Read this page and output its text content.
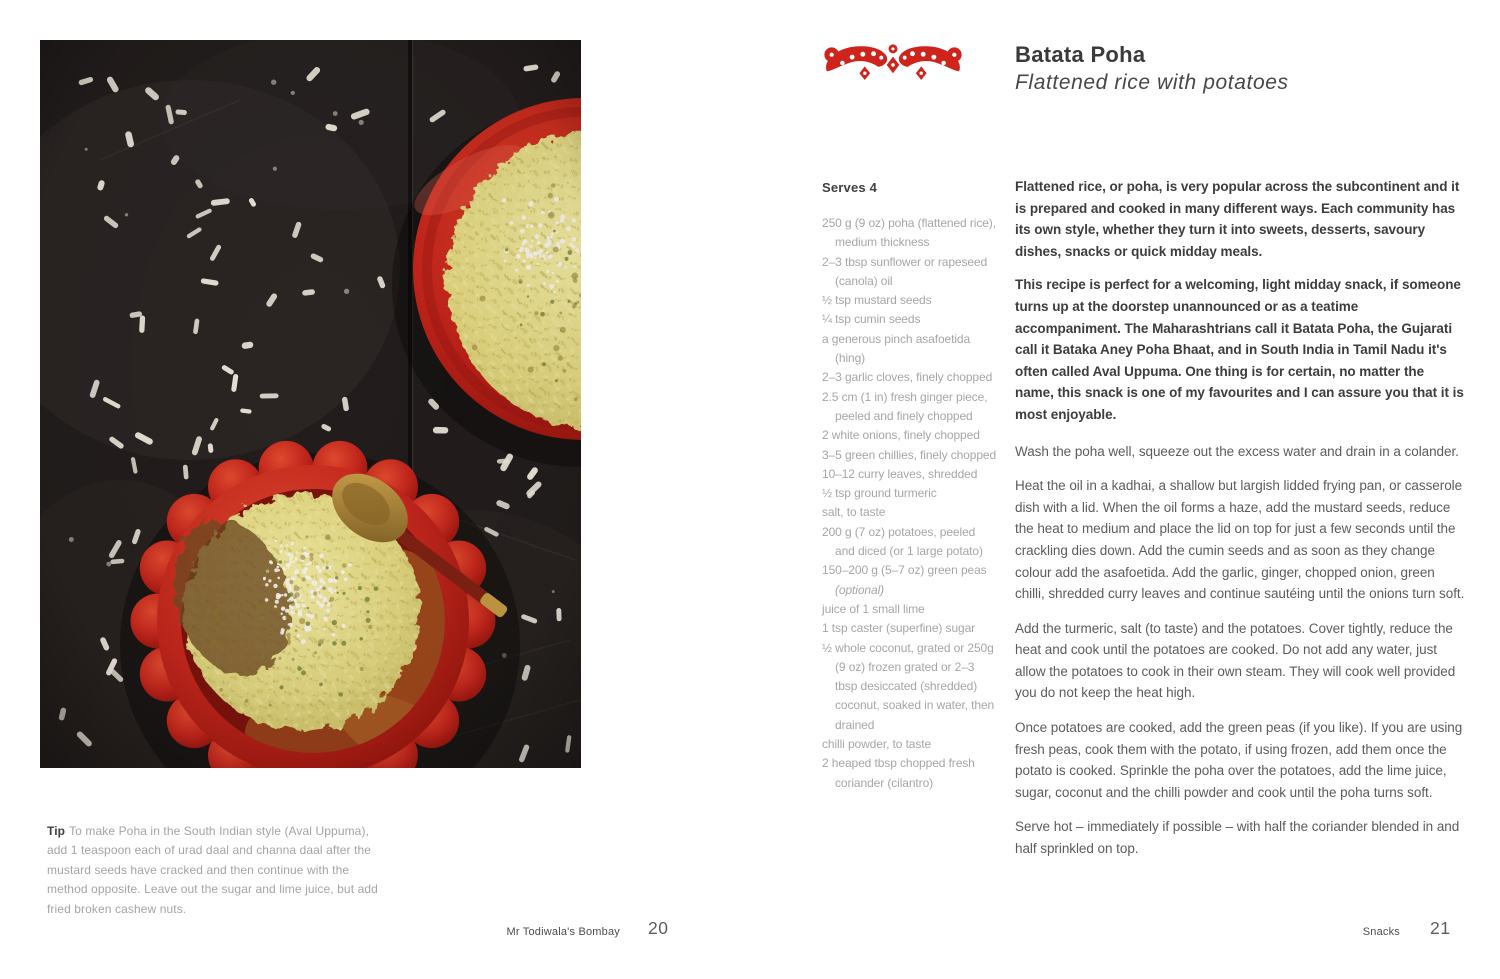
Tip To make Poha in the South Indian style (Aval Uppuma), add 1 teaspoon each of urad daal and channa daal after the mustard seeds have cracked and then continue with the method opposite. Leave out the sugar and lime juice, but add fried broken cashew nuts.

Mr Todiwala's Bombay 20
Batata Poha
Flattened rice with potatoes
Serves 4
250 g (9 oz) poha (flattened rice), medium thickness
2–3 tbsp sunflower or rapeseed (canola) oil
½ tsp mustard seeds
¼ tsp cumin seeds
a generous pinch asafoetida (hing)
2–3 garlic cloves, finely chopped
2.5 cm (1 in) fresh ginger piece, peeled and finely chopped
2 white onions, finely chopped
3–5 green chillies, finely chopped
10–12 curry leaves, shredded
½ tsp ground turmeric
salt, to taste
200 g (7 oz) potatoes, peeled and diced (or 1 large potato)
150–200 g (5–7 oz) green peas (optional)
juice of 1 small lime
1 tsp caster (superfine) sugar
½ whole coconut, grated or 250g (9 oz) frozen grated or 2–3 tbsp desiccated (shredded) coconut, soaked in water, then drained
chilli powder, to taste
2 heaped tbsp chopped fresh coriander (cilantro)

Flattened rice, or poha, is very popular across the subcontinent and it is prepared and cooked in many different ways. Each community has its own style, whether they turn it into sweets, desserts, savoury dishes, snacks or quick midday meals.

This recipe is perfect for a welcoming, light midday snack, if someone turns up at the doorstep unannounced or as a teatime accompaniment. The Maharashtrians call it Batata Poha, the Gujarati call it Bataka Aney Poha Bhaat, and in South India in Tamil Nadu it's often called Aval Uppuma. One thing is for certain, no matter the name, this snack is one of my favourites and I can assure you that it is most enjoyable.

Wash the poha well, squeeze out the excess water and drain in a colander.

Heat the oil in a kadhai, a shallow but largish lidded frying pan, or casserole dish with a lid. When the oil forms a haze, add the mustard seeds, reduce the heat to medium and place the lid on top for just a few seconds until the crackling dies down. Add the cumin seeds and as soon as they change colour add the asafoetida. Add the garlic, ginger, chopped onion, green chilli, shredded curry leaves and continue sautéing until the onions turn soft.

Add the turmeric, salt (to taste) and the potatoes. Cover tightly, reduce the heat and cook until the potatoes are cooked. Do not add any water, just allow the potatoes to cook in their own steam. They will cook well provided you do not keep the heat high.

Once potatoes are cooked, add the green peas (if you like). If you are using fresh peas, cook them with the potato, if using frozen, add them once the potato is cooked. Sprinkle the poha over the potatoes, add the lime juice, sugar, coconut and the chilli powder and cook until the poha turns soft.

Serve hot – immediately if possible – with half the coriander blended in and half sprinkled on top.

Snacks 21
